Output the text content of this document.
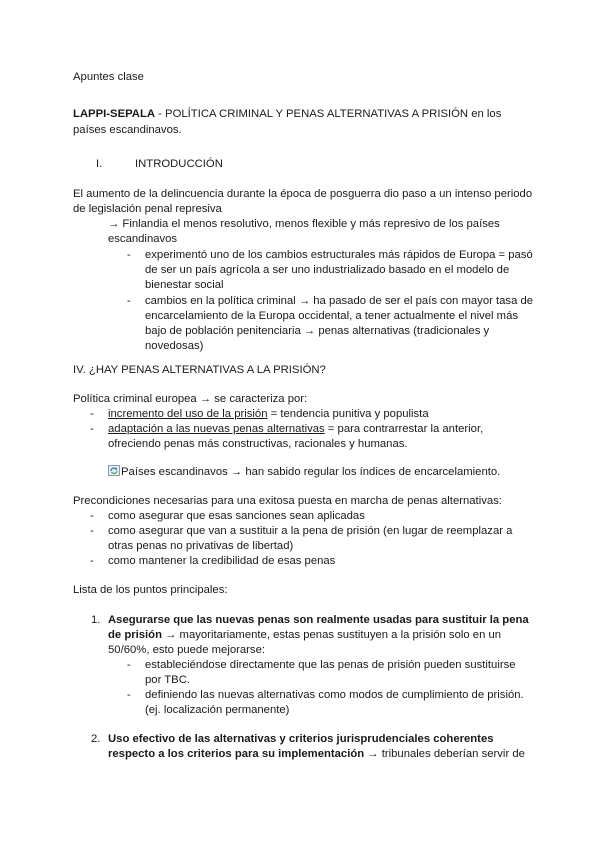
Apuntes clase
LAPPI-SEPALA - POLÍTICA CRIMINAL Y PENAS ALTERNATIVAS A PRISIÓN en los
países escandinavos.
I.	INTRODUCCIÓN
El aumento de la delincuencia durante la época de posguerra dio paso a un intenso periodo
de legislación penal represiva
→ Finlandia el menos resolutivo, menos flexible y más represivo de los países
escandinavos
- experimentó uno de los cambios estructurales más rápidos de Europa = pasó
de ser un país agrícola a ser uno industrializado basado en el modelo de
bienestar social
- cambios en la política criminal → ha pasado de ser el país con mayor tasa de
encarcelamiento de la Europa occidental, a tener actualmente el nivel más
bajo de población penitenciaria → penas alternativas (tradicionales y
novedosas)
IV. ¿HAY PENAS ALTERNATIVAS A LA PRISIÓN?
Política criminal europea → se caracteriza por:
- incremento del uso de la prisión = tendencia punitiva y populista
- adaptación a las nuevas penas alternativas = para contrarrestar la anterior,
ofreciendo penas más constructivas, racionales y humanas.
Países escandinavos → han sabido regular los índices de encarcelamiento.
Precondiciones necesarias para una exitosa puesta en marcha de penas alternativas:
- como asegurar que esas sanciones sean aplicadas
- como asegurar que van a sustituir a la pena de prisión (en lugar de reemplazar a
otras penas no privativas de libertad)
- como mantener la credibilidad de esas penas
Lista de los puntos principales:
1. Asegurarse que las nuevas penas son realmente usadas para sustituir la pena
de prisión → mayoritariamente, estas penas sustituyen a la prisión solo en un
50/60%, esto puede mejorarse:
- estableciéndose directamente que las penas de prisión pueden sustituirse
por TBC.
- definiendo las nuevas alternativas como modos de cumplimiento de prisión.
(ej. localización permanente)
2. Uso efectivo de las alternativas y criterios jurisprudenciales coherentes
respecto a los criterios para su implementación → tribunales deberían servir de
